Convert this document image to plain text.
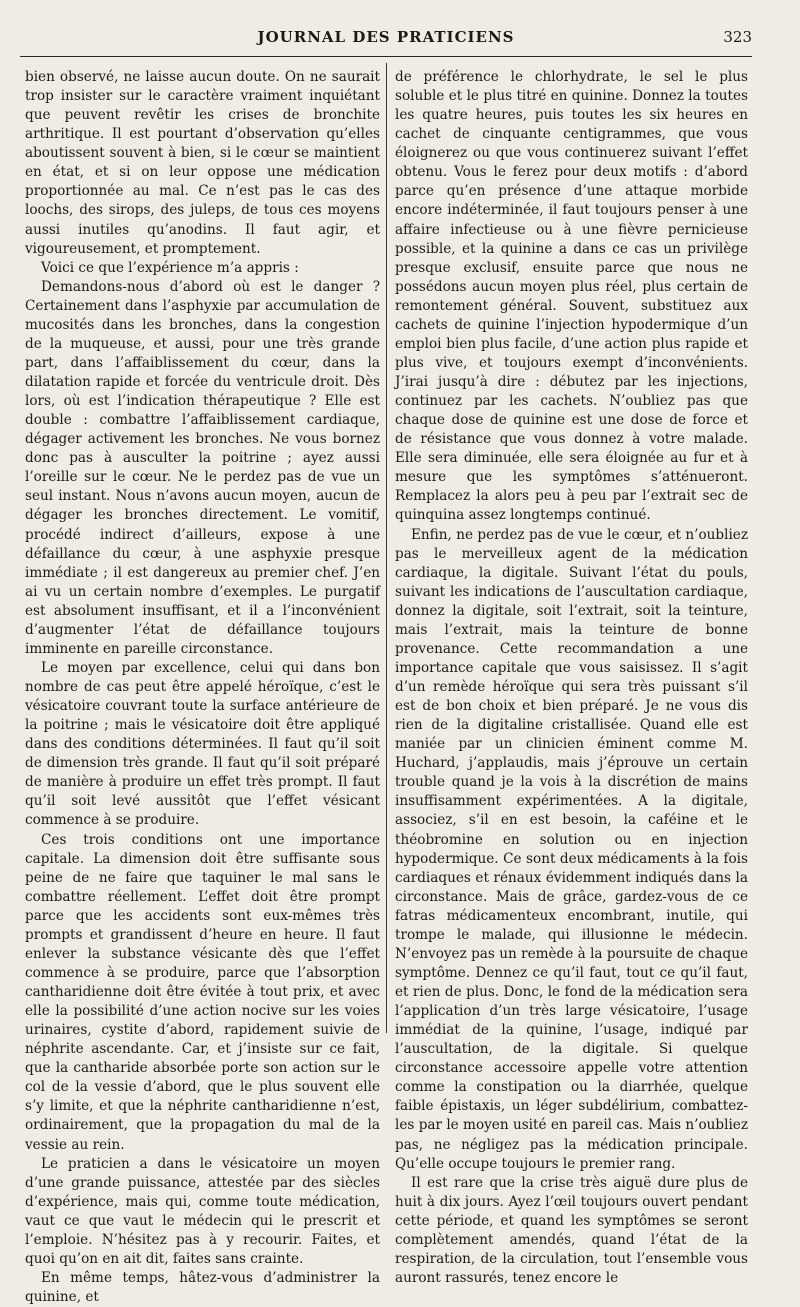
JOURNAL DES PRATICIENS	323

bien observé, ne laisse aucun doute. On ne saurait trop insister sur le caractère vraiment inquiétant que peuvent revêtir les crises de bronchite arthritique. Il est pourtant d’observation qu’elles aboutissent souvent à bien, si le cœur se maintient en état, et si on leur oppose une médication proportionnée au mal. Ce n’est pas le cas des loochs, des sirops, des juleps, de tous ces moyens aussi inutiles qu’anodins. Il faut agir, et vigoureusement, et promptement.

Voici ce que l’expérience m’a appris :

Demandons-nous d’abord où est le danger ? Certainement dans l’asphyxie par accumulation de mucosités dans les bronches, dans la congestion de la muqueuse, et aussi, pour une très grande part, dans l’affaiblissement du cœur, dans la dilatation rapide et forcée du ventricule droit. Dès lors, où est l’indication thérapeutique ? Elle est double : combattre l’affaiblissement cardiaque, dégager activement les bronches. Ne vous bornez donc pas à ausculter la poitrine ; ayez aussi l’oreille sur le cœur. Ne le perdez pas de vue un seul instant. Nous n’avons aucun moyen, aucun de dégager les bronches directement. Le vomitif, procédé indirect d’ailleurs, expose à une défaillance du cœur, à une asphyxie presque immédiate ; il est dangereux au premier chef. J’en ai vu un certain nombre d’exemples. Le purgatif est absolument insuffisant, et il a l’inconvénient d’augmenter l’état de défaillance toujours imminente en pareille circonstance.

Le moyen par excellence, celui qui dans bon nombre de cas peut être appelé héroïque, c’est le vésicatoire couvrant toute la surface antérieure de la poitrine ; mais le vésicatoire doit être appliqué dans des conditions déterminées. Il faut qu’il soit de dimension très grande. Il faut qu’il soit préparé de manière à produire un effet très prompt. Il faut qu’il soit levé aussitôt que l’effet vésicant commence à se produire.

Ces trois conditions ont une importance capitale. La dimension doit être suffisante sous peine de ne faire que taquiner le mal sans le combattre réellement. L’effet doit être prompt parce que les accidents sont eux-mêmes très prompts et grandissent d’heure en heure. Il faut enlever la substance vésicante dès que l’effet commence à se produire, parce que l’absorption cantharidienne doit être évitée à tout prix, et avec elle la possibilité d’une action nocive sur les voies urinaires, cystite d’abord, rapidement suivie de néphrite ascendante. Car, et j’insiste sur ce fait, que la cantharide absorbée porte son action sur le col de la vessie d’abord, que le plus souvent elle s’y limite, et que la néphrite cantharidienne n’est, ordinairement, que la propagation du mal de la vessie au rein.

Le praticien a dans le vésicatoire un moyen d’une grande puissance, attestée par des siècles d’expérience, mais qui, comme toute médication, vaut ce que vaut le médecin qui le prescrit et l’emploie. N’hésitez pas à y recourir. Faites, et quoi qu’on en ait dit, faites sans crainte.

En même temps, hâtez-vous d’administrer la quinine, et

de préférence le chlorhydrate, le sel le plus soluble et le plus titré en quinine. Donnez la toutes les quatre heures, puis toutes les six heures en cachet de cinquante centigrammes, que vous éloignerez ou que vous continuerez suivant l’effet obtenu. Vous le ferez pour deux motifs : d’abord parce qu’en présence d’une attaque morbide encore indéterminée, il faut toujours penser à une affaire infectieuse ou à une fièvre pernicieuse possible, et la quinine a dans ce cas un privilège presque exclusif, ensuite parce que nous ne possédons aucun moyen plus réel, plus certain de remontement général. Souvent, substituez aux cachets de quinine l’injection hypodermique d’un emploi bien plus facile, d’une action plus rapide et plus vive, et toujours exempt d’inconvénients. J’irai jusqu’à dire : débutez par les injections, continuez par les cachets. N’oubliez pas que chaque dose de quinine est une dose de force et de résistance que vous donnez à votre malade. Elle sera diminuée, elle sera éloignée au fur et à mesure que les symptômes s’atténueront. Remplacez la alors peu à peu par l’extrait sec de quinquina assez longtemps continué.

Enfin, ne perdez pas de vue le cœur, et n’oubliez pas le merveilleux agent de la médication cardiaque, la digitale. Suivant l’état du pouls, suivant les indications de l’auscultation cardiaque, donnez la digitale, soit l’extrait, soit la teinture, mais l’extrait, mais la teinture de bonne provenance. Cette recommandation a une importance capitale que vous saisissez. Il s’agit d’un remède héroïque qui sera très puissant s’il est de bon choix et bien préparé. Je ne vous dis rien de la digitaline cristallisée. Quand elle est maniée par un clinicien éminent comme M. Huchard, j’applaudis, mais j’éprouve un certain trouble quand je la vois à la discrétion de mains insuffisamment expérimentées. A la digitale, associez, s’il en est besoin, la caféine et le théobromine en solution ou en injection hypodermique. Ce sont deux médicaments à la fois cardiaques et rénaux évidemment indiqués dans la circonstance. Mais de grâce, gardez-vous de ce fatras médicamenteux encombrant, inutile, qui trompe le malade, qui illusionne le médecin. N’envoyez pas un remède à la poursuite de chaque symptôme. Dennez ce qu’il faut, tout ce qu’il faut, et rien de plus. Donc, le fond de la médication sera l’application d’un très large vésicatoire, l’usage immédiat de la quinine, l’usage, indiqué par l’auscultation, de la digitale. Si quelque circonstance accessoire appelle votre attention comme la constipation ou la diarrhée, quelque faible épistaxis, un léger subdélirium, combattez-les par le moyen usité en pareil cas. Mais n’oubliez pas, ne négligez pas la médication principale. Qu’elle occupe toujours le premier rang.

Il est rare que la crise très aiguë dure plus de huit à dix jours. Ayez l’œil toujours ouvert pendant cette période, et quand les symptômes se seront complètement amendés, quand l’état de la respiration, de la circulation, tout l’ensemble vous auront rassurés, tenez encore le
